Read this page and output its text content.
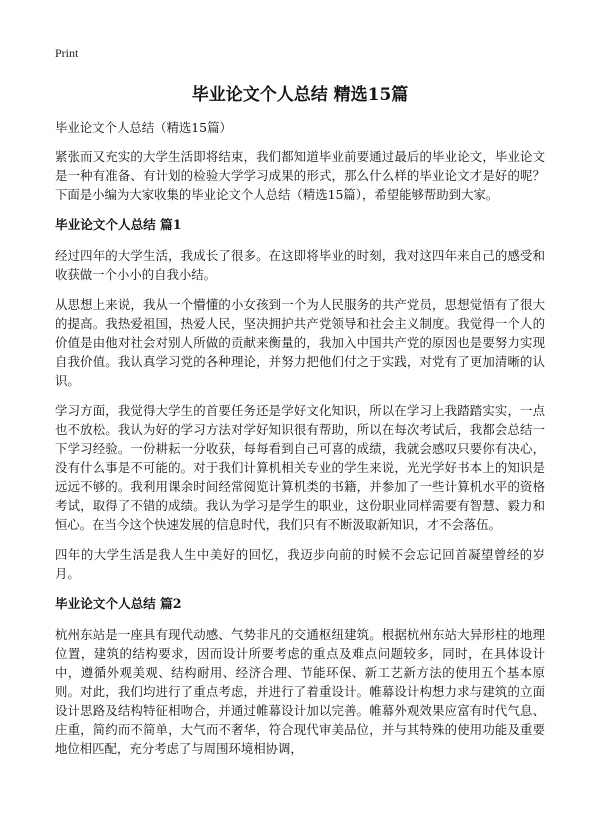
Print
毕业论文个人总结 精选15篇

毕业论文个人总结（精选15篇）

紧张而又充实的大学生活即将结束，我们都知道毕业前要通过最后的毕业论文，毕业论文是一种有准备、有计划的检验大学学习成果的形式，那么什么样的毕业论文才是好的呢？下面是小编为大家收集的毕业论文个人总结（精选15篇），希望能够帮助到大家。

毕业论文个人总结 篇1

经过四年的大学生活，我成长了很多。在这即将毕业的时刻，我对这四年来自己的感受和收获做一个小小的自我小结。

从思想上来说，我从一个懵懂的小女孩到一个为人民服务的共产党员，思想觉悟有了很大的提高。我热爱祖国，热爱人民，坚决拥护共产党领导和社会主义制度。我觉得一个人的价值是由他对社会对别人所做的贡献来衡量的，我加入中国共产党的原因也是要努力实现自我价值。我认真学习党的各种理论，并努力把他们付之于实践，对党有了更加清晰的认识。

学习方面，我觉得大学生的首要任务还是学好文化知识，所以在学习上我踏踏实实，一点也不放松。我认为好的学习方法对学好知识很有帮助，所以在每次考试后，我都会总结一下学习经验。一份耕耘一分收获，每每看到自己可喜的成绩，我就会感叹只要你有决心，没有什么事是不可能的。对于我们计算机相关专业的学生来说，光光学好书本上的知识是远远不够的。我利用课余时间经常阅览计算机类的书籍，并参加了一些计算机水平的资格考试，取得了不错的成绩。我认为学习是学生的职业，这份职业同样需要有智慧、毅力和恒心。在当今这个快速发展的信息时代，我们只有不断汲取新知识，才不会落伍。

四年的大学生活是我人生中美好的回忆，我迈步向前的时候不会忘记回首凝望曾经的岁月。

毕业论文个人总结 篇2

杭州东站是一座具有现代动感、气势非凡的交通枢纽建筑。根据杭州东站大异形柱的地理位置，建筑的结构要求，因而设计所要考虑的重点及难点问题较多，同时，在具体设计中，遵循外观美观、结构耐用、经济合理、节能环保、新工艺新方法的使用五个基本原则。对此，我们均进行了重点考虑，并进行了着重设计。帷幕设计构想力求与建筑的立面设计思路及结构特征相吻合，并通过帷幕设计加以完善。帷幕外观效果应富有时代气息、庄重，简约而不简单，大气而不奢华，符合现代审美品位，并与其特殊的使用功能及重要地位相匹配，充分考虑了与周围环境相协调，
